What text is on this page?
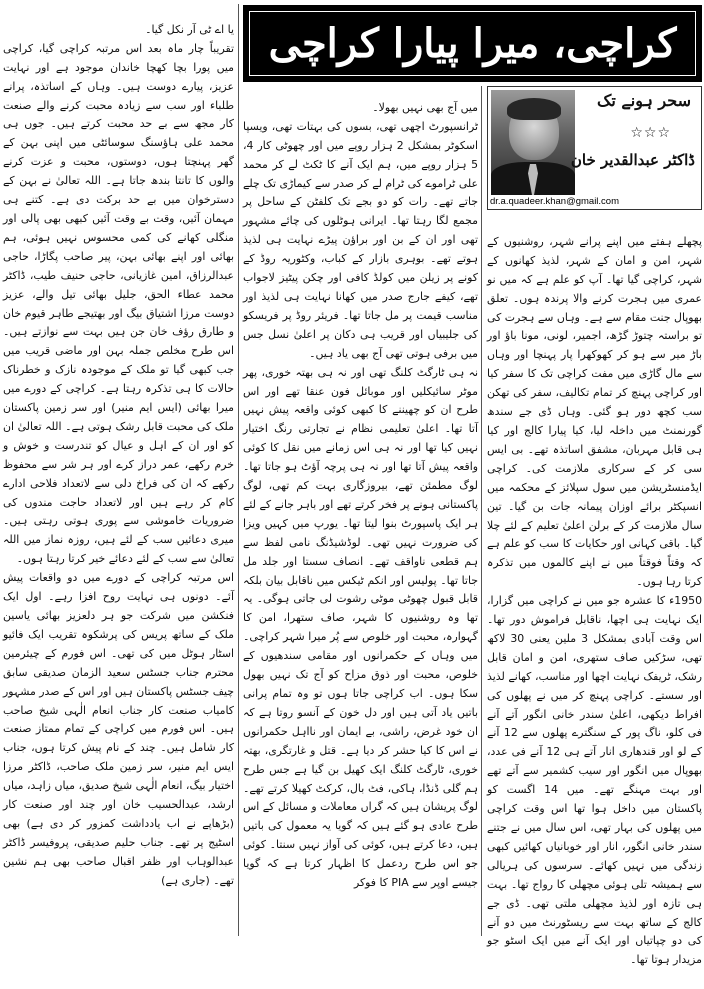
کراچی، میرا پیارا کراچی
سحر ہونے تک
☆☆☆
ڈاکٹر عبدالقدیر خان
dr.a.quadeer.khan@gmail.com

پچھلے ہفتے میں اپنے پرانے شہر، روشنیوں کے شہر، امن و امان کے شہر، لذیذ کھانوں کے شہر، کراچی گیا تھا۔ آپ کو علم ہے کہ میں نو عمری میں ہجرت کرنے والا پرندہ ہوں۔ تعلق بھوپال جنت مقام سے ہے۔ وہاں سے ہجرت کی تو براستہ چتوڑ گڑھ، اجمیر، لونی، مونا باؤ اور باڑ میر سے ہو کر کھوکھرا پار پہنچا اور وہاں سے مال گاڑی میں مفت کراچی تک کا سفر کیا اور کراچی پہنچ کر تمام تکالیف، سفر کی تھکن سب کچھ دور ہو گئی۔ وہاں ڈی جے سندھ گورنمنٹ میں داخلہ لیا، کیا پیارا کالج اور کیا ہی قابل مہربان، مشفق اساتذہ تھے۔ بی ایس سی کر کے سرکاری ملازمت کی۔ کراچی ایڈمنسٹریشن میں سول سپلائز کے محکمہ میں انسپکٹر برائے اوزان پیمانہ جات بن گیا۔ تین سال ملازمت کر کے برلن اعلیٰ تعلیم کے لئے چلا گیا۔ باقی کہانی اور حکایات کا سب کو علم ہے کہ وقتاً فوقتاً میں نے اپنے کالموں میں تذکرہ کرتا رہا ہوں۔
1950ء کا عشرہ جو میں نے کراچی میں گزارا، ایک نہایت ہی اچھا، ناقابل فراموش دور تھا۔ اس وقت آبادی بمشکل 3 ملین یعنی 30 لاکھ تھی، سڑکیں صاف ستھری، امن و امان قابل رشک، ٹریفک نہایت اچھا اور مناسب، کھانے لذیذ اور سستے۔ کراچی پہنچ کر میں نے پھلوں کی افراط دیکھی، اعلیٰ سندر خانی انگور آتے آنے فی کلو، ناگ پور کے سنگترے پھلوں سے 12 آنے کے لو اور قندھاری انار آتے ہی 12 آنے فی عدد، بھوپال میں انگور اور سیب کشمیر سے آتے تھے اور بہت مہنگے تھے۔ میں 14 اگست کو پاکستان میں داخل ہوا تھا اس وقت کراچی میں پھلوں کی بہار تھی، اس سال میں نے جتنے سندر خانی انگور، انار اور خوبانیاں کھائیں کبھی زندگی میں نہیں کھائے۔ سرسوں کی ہریالی سے ہمیشہ تلی ہوئی مچھلی کا رواج تھا۔ بہت ہی تازہ اور لذیذ مچھلی ملتی تھی۔ ڈی جے کالج کے ساتھ بہت سے ریسٹورنٹ میں دو آنے کی دو چپاتیاں اور ایک آنے میں ایک اسٹو جو مزیدار ہوتا تھا۔

میں آج بھی نہیں بھولا۔
ٹرانسپورٹ اچھی تھی، بسوں کی بہتات تھی، ویسپا اسکوٹر بمشکل 2 ہزار روپے میں اور چھوٹی کار 4، 5 ہزار روپے میں، ہم ایک آنے کا ٹکٹ لے کر محمد علی ٹراموے کی ٹرام لے کر صدر سے کیماڑی تک چلے جاتے تھے۔ رات کو دو بجے تک کلفٹن کے ساحل پر مجمع لگا رہتا تھا۔ ایرانی ہوٹلوں کی چائے مشہور تھی اور ان کے بن اور براؤن پیڑے نہایت ہی لذیذ ہوتے تھے۔ بوہری بازار کے کباب، وکٹوریہ روڈ کے کونے پر زیلن میں کولڈ کافی اور چکن پیٹیز لاجواب تھے، کیفے جارج صدر میں کھانا نہایت ہی لذیذ اور مناسب قیمت پر مل جاتا تھا۔ فریئر روڈ پر فریسکو کی جلیبیاں اور قریب ہی دکان پر اعلیٰ نسل جس میں برفی ہوتی تھی آج بھی یاد ہیں۔
نہ ہی ٹارگٹ کلنگ تھی اور نہ ہی بھتہ خوری، پھر موٹر سائیکلیں اور موبائل فون عنقا تھے اور اس طرح ان کو چھیننے کا کبھی کوئی واقعہ پیش نہیں آتا تھا۔ اعلیٰ تعلیمی نظام نے تجارتی رنگ اختیار نہیں کیا تھا اور نہ ہی اس زمانے میں نقل کا کوئی واقعہ پیش آتا تھا اور نہ ہی پرچہ آؤٹ ہو جاتا تھا۔ لوگ مطمئن تھے، بیروزگاری بہت کم تھی، لوگ پاکستانی ہونے پر فخر کرتے تھے اور باہر جانے کے لئے ہر ایک پاسپورٹ بنوا لیتا تھا۔ یورپ میں کہیں ویزا کی ضرورت نہیں تھی۔ لوڈشیڈنگ نامی لفظ سے ہم قطعی ناواقف تھے۔ انصاف سستا اور جلد مل جاتا تھا۔ پولیس اور انکم ٹیکس میں ناقابل بیان بلکہ قابل قبول چھوٹی موٹی رشوت لی جاتی ہوگی۔ یہ تھا وہ روشنیوں کا شہر، صاف ستھرا، امن کا گہوارہ، محبت اور خلوص سے پُر میرا شہر کراچی۔ میں وہاں کے حکمرانوں اور مقامی سندھیوں کے خلوص، محبت اور ذوق مزاح کو آج تک نہیں بھول سکا ہوں۔ اب کراچی جاتا ہوں تو وہ تمام پرانی باتیں یاد آتی ہیں اور دل خون کے آنسو روتا ہے کہ ان خود غرض، راشی، بے ایمان اور نااہل حکمرانوں نے اس کا کیا حشر کر دیا ہے۔ قتل و غارتگری، بھتہ خوری، ٹارگٹ کلنگ ایک کھیل بن گیا ہے جس طرح ہم گلی ڈنڈا، ہاکی، فٹ بال، کرکٹ کھیلا کرتے تھے۔ لوگ پریشان ہیں کہ گراں معاملات و مسائل کے اس طرح عادی ہو گئے ہیں کہ گویا یہ معمول کی باتیں ہیں، دعا کرتے ہیں، کوئی کی آواز نہیں سنتا۔ کوئی جو اس طرح ردعمل کا اظہار کرتا ہے کہ گویا جیسے اوپر سے PIA کا فوکر

یا اے ٹی آر نکل گیا۔
تقریباً چار ماہ بعد اس مرتبہ کراچی گیا، کراچی میں پورا بچا کھچا خاندان موجود ہے اور نہایت عزیز، پیارے دوست ہیں۔ وہاں کے اساتذہ، پرانے طلباء اور سب سے زیادہ محبت کرنے والے صنعت کار مجھ سے بے حد محبت کرتے ہیں۔ جوں ہی محمد علی ہاؤسنگ سوسائٹی میں اپنی بہن کے گھر پہنچتا ہوں، دوستوں، محبت و عزت کرنے والوں کا تانتا بندھ جاتا ہے۔ اللہ تعالیٰ نے بہن کے دسترخوان میں بے حد برکت دی ہے۔ کتنے ہی مہمان آئیں، وقت بے وقت آئیں کبھی بھی پالی اور منگلی کھانے کی کمی محسوس نہیں ہوئی، ہم بھائی اور اپنے بھائی بہن، پیر صاحب پگاڑا، حاجی عبدالرزاق، امین غازیانی، حاجی حنیف طیب، ڈاکٹر محمد عطاء الحق، جلیل بھائی تیل والے، عزیز دوست مرزا اشتیاق بیگ اور بھتیجے طاہر قیوم خان و طارق رؤف خان جن ہیں بہت سے نوازتے ہیں۔ اس طرح مخلص جملہ بہن اور ماضی قریب میں جب کبھی گیا تو ملک کے موجودہ نازک و خطرناک حالات کا ہی تذکرہ رہتا ہے۔ کراچی کے دورے میں میرا بھائی (ایس ایم منیر) اور سر زمین پاکستان ملک کی محبت قابل رشک ہوتی ہے۔ اللہ تعالیٰ ان کو اور ان کے اہل و عیال کو تندرست و خوش و خرم رکھے، عمر دراز کرے اور ہر شر سے محفوظ رکھے کہ ان کی فراخ دلی سے لاتعداد فلاحی ادارے کام کر رہے ہیں اور لاتعداد حاجت مندوں کی ضروریات خاموشی سے پوری ہوتی رہتی ہیں۔ میری دعائیں سب کے لئے ہیں، روزہ نماز میں اللہ تعالیٰ سے سب کے لئے دعائے خیر کرتا رہتا ہوں۔
اس مرتبہ کراچی کے دورے میں دو واقعات پیش آئے۔ دونوں ہی نہایت روح افزا رہے۔ اول ایک فنکشن میں شرکت جو ہر دلعزیز بھائی یاسین ملک کے ساتھ پریس کی پرشکوہ تقریب ایک فائیو اسٹار ہوٹل میں کی تھی۔ اس فورم کے چیئرمین محترم جناب جسٹس سعید الزمان صدیقی سابق چیف جسٹس پاکستان ہیں اور اس کے صدر مشہور کامیاب صنعت کار جناب انعام الٰہی شیخ صاحب ہیں۔ اس فورم میں کراچی کے تمام ممتاز صنعت کار شامل ہیں۔ چند کے نام پیش کرتا ہوں، جناب ایس ایم منیر، سر زمین ملک صاحب، ڈاکٹر مرزا اختیار بیگ، انعام الٰہی شیخ صدیق، میاں زاہد، میاں ارشد، عبدالحسیب خان اور چند اور صنعت کار (بڑھاپے نے اب یادداشت کمزور کر دی ہے) بھی اسٹیج پر تھے۔ جناب حلیم صدیقی، پروفیسر ڈاکٹر عبدالوہاب اور ظفر اقبال صاحب بھی ہم نشین تھے۔ (جاری ہے)
